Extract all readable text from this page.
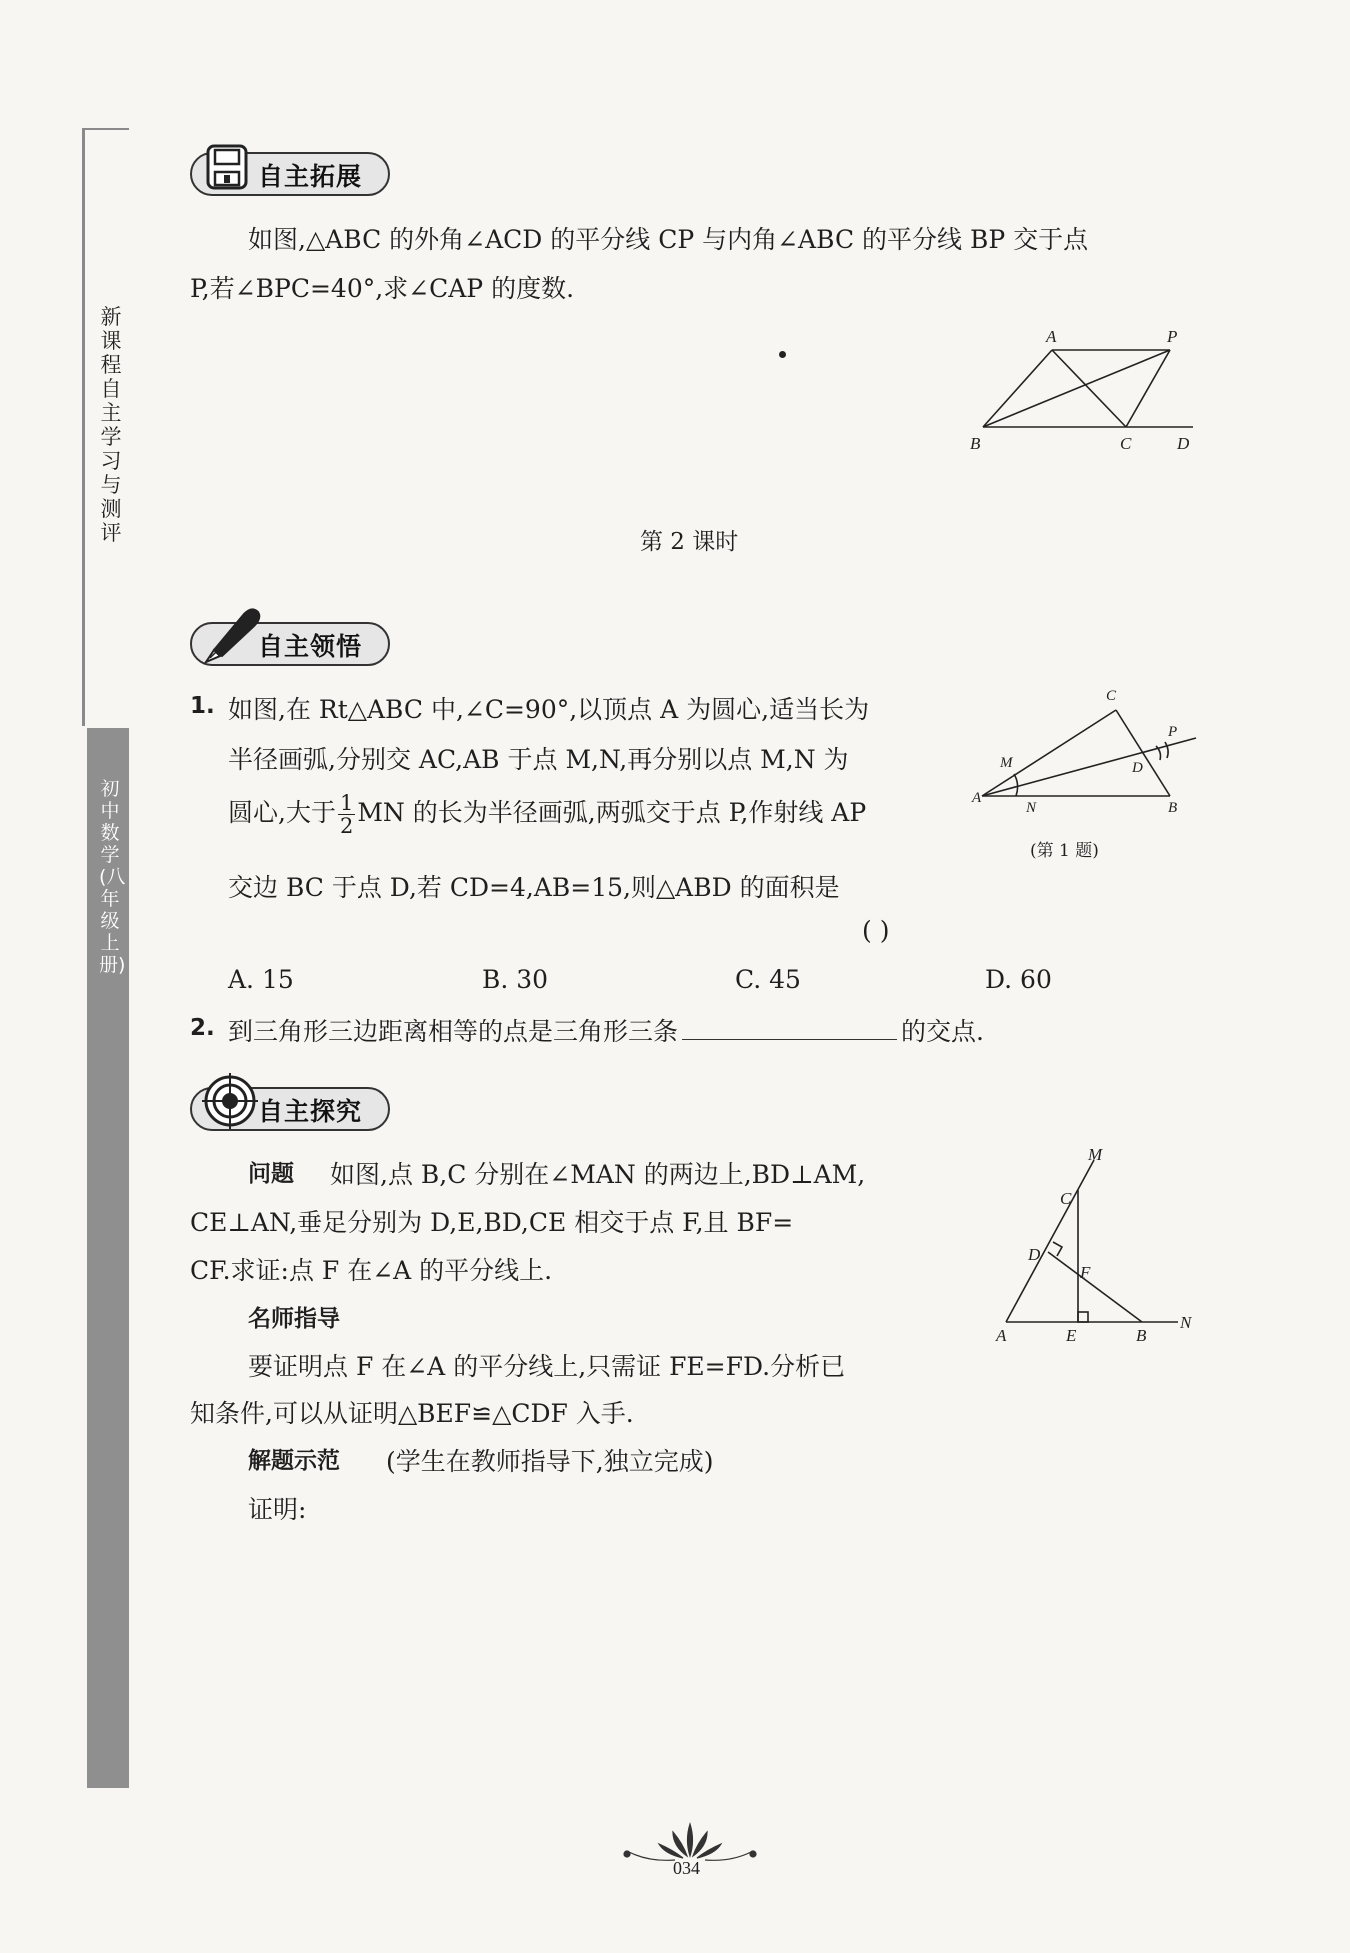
新课程自主学习与测评
初中数学(八年级上册)
自主拓展
如图,△ABC 的外角∠ACD 的平分线 CP 与内角∠ABC 的平分线 BP 交于点
P,若∠BPC=40°,求∠CAP 的度数.
A	P
B	C	D
第 2 课时
自主领悟
1. 如图,在 Rt△ABC 中,∠C=90°,以顶点 A 为圆心,适当长为
半径画弧,分别交 AC,AB 于点 M,N,再分别以点 M,N 为
圆心,大于 $\frac{1}{2}$ MN 的长为半径画弧,两弧交于点 P,作射线 AP
交边 BC 于点 D,若 CD=4,AB=15,则△ABD 的面积是
( )
A. 15	B. 30	C. 45	D. 60
C
P
M	D
A
N	B
(第 1 题)
2. 到三角形三边距离相等的点是三角形三条	的交点.
自主探究
问题 如图,点 B,C 分别在∠MAN 的两边上,BD⊥AM,
CE⊥AN,垂足分别为 D,E,BD,CE 相交于点 F,且 BF=
CF.求证:点 F 在∠A 的平分线上.
名师指导
要证明点 F 在∠A 的平分线上,只需证 FE=FD.分析已
知条件,可以从证明△BEF≌△CDF 入手.
解题示范 (学生在教师指导下,独立完成)
证明:
M
C
D
F
A	E	B
N
034
